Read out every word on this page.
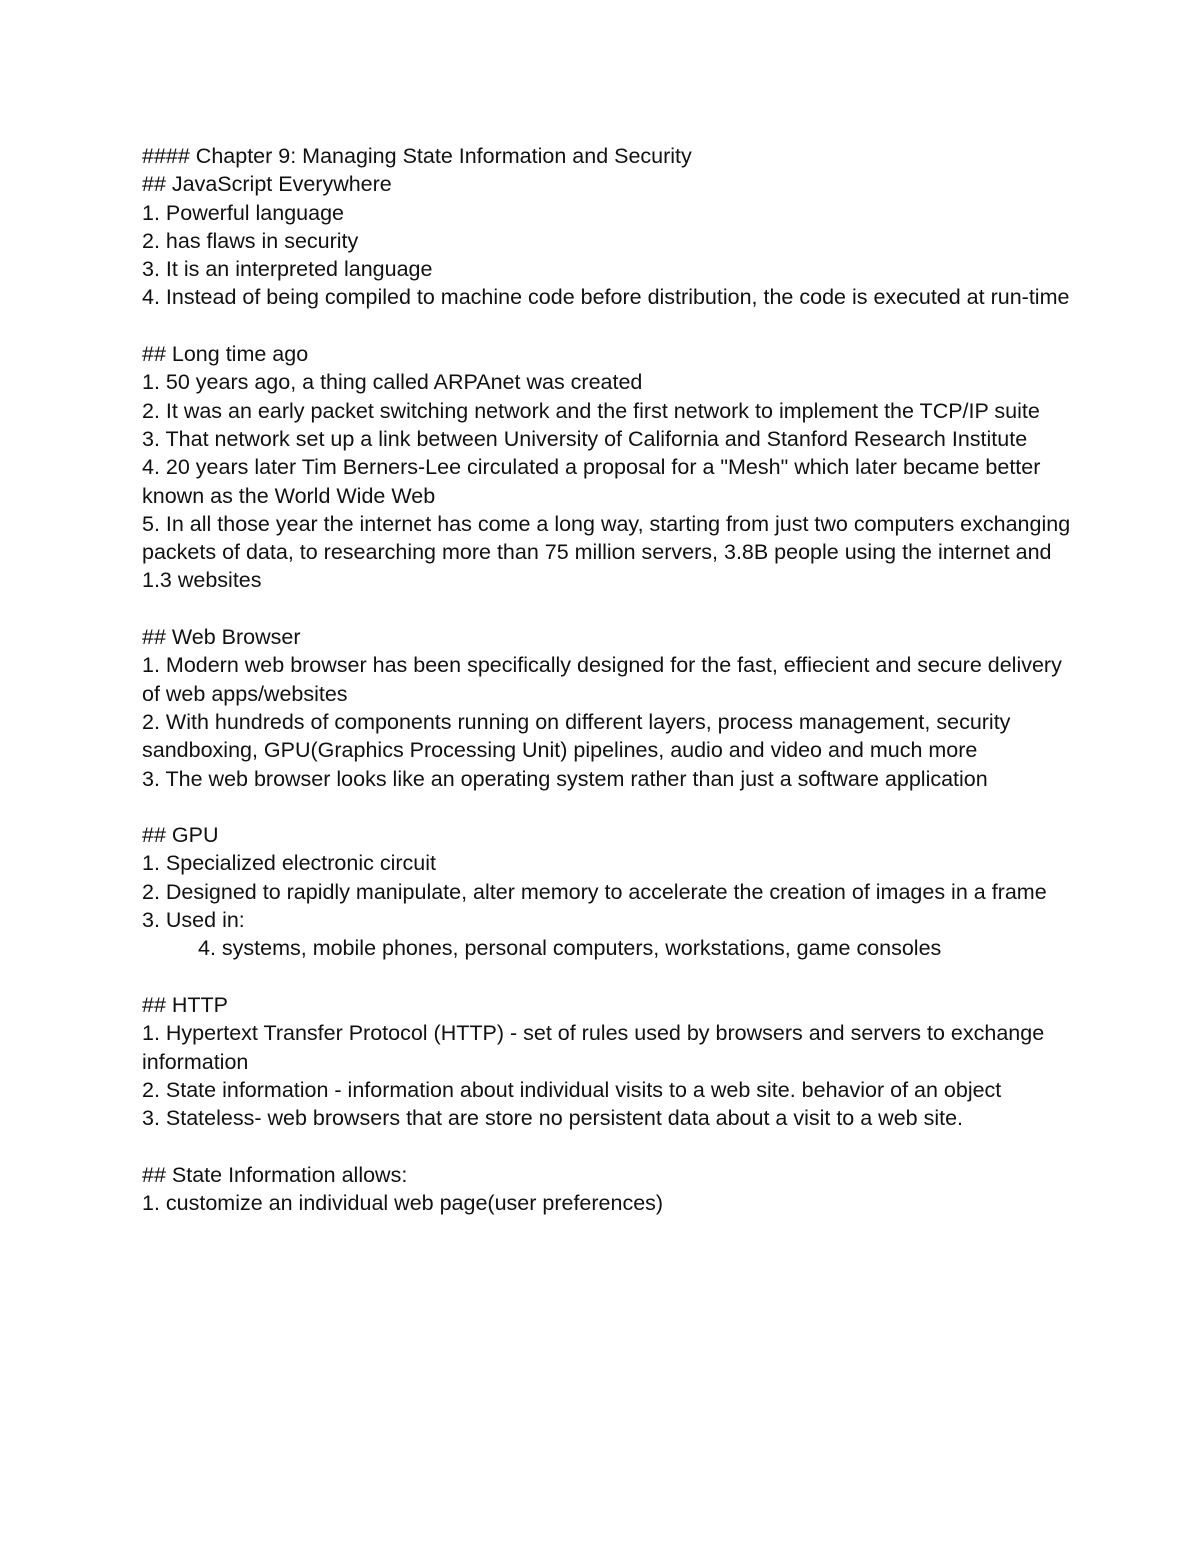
#### Chapter 9: Managing State Information and Security

## JavaScript Everywhere

1. Powerful language

2. has flaws in security

3. It is an interpreted language

4. Instead of being compiled to machine code before distribution, the code is executed at run-time

## Long time ago

1. 50 years ago, a thing called ARPAnet was created

2. It was an early packet switching network and the first network to implement the TCP/IP suite

3. That network set up a link between University of California and Stanford Research Institute

4. 20 years later Tim Berners-Lee circulated a proposal for a "Mesh" which later became better known as the World Wide Web

5. In all those year the internet has come a long way, starting from just two computers exchanging packets of data, to researching more than 75 million servers, 3.8B people using the internet and 1.3 websites

## Web Browser

1. Modern web browser has been specifically designed for the fast, effiecient and secure delivery of web apps/websites

2. With hundreds of components running on different layers, process management, security sandboxing, GPU(Graphics Processing Unit) pipelines, audio and video and much more

3. The web browser looks like an operating system rather than just a software application

## GPU

1. Specialized electronic circuit

2. Designed to rapidly manipulate, alter memory to accelerate the creation of images in a frame

3. Used in:

4. systems, mobile phones, personal computers, workstations, game consoles

## HTTP

1. Hypertext Transfer Protocol (HTTP) - set of rules used by browsers and servers to exchange information

2. State information - information about individual visits to a web site. behavior of an object

3. Stateless- web browsers that are store no persistent data about a visit to a web site.

## State Information allows:

1. customize an individual web page(user preferences)
